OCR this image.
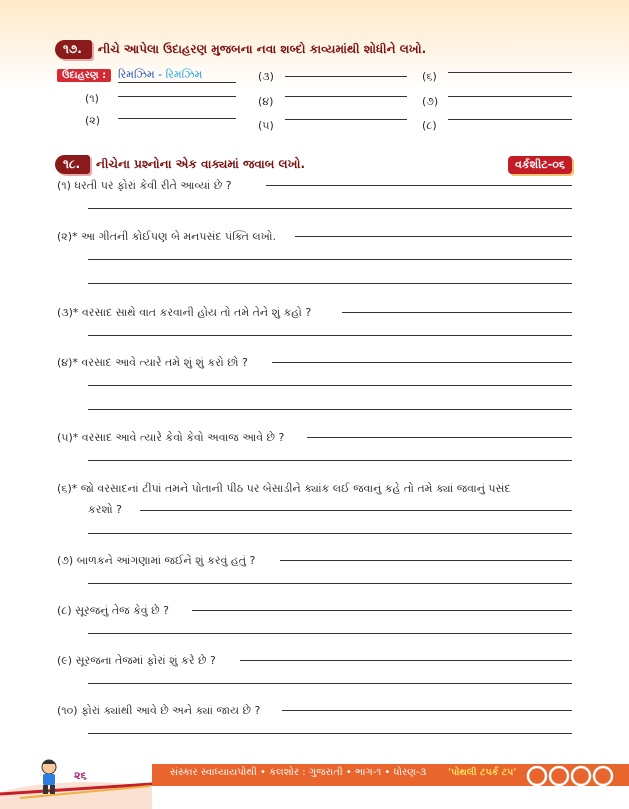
૧૭.	નીચે આપેલા ઉદાહરણ મુજબના નવા શબ્દો કાવ્યમાંથી શોધીને લખો.
ઉદાહરણ :	રિમઝિમ - રિમઝિમ
(૧)
(૨)
(૩)
(૪)
(૫)
(૬)
(૭)
(૮)
૧૮.	નીચેના પ્રશ્નોના એક વાક્યમાં જવાબ લખો.	વર્કશીટ-૦૬
(૧) ધરતી પર ફોરાં કેવી રીતે આવ્યાં છે ?
(૨)* આ ગીતની કોઈપણ બે મનપસંદ પંક્તિ લખો.
(૩)* વરસાદ સાથે વાત કરવાની હોય તો તમે તેને શું કહો ?
(૪)* વરસાદ આવે ત્યારે તમે શું શું કરો છો ?
(૫)* વરસાદ આવે ત્યારે કેવો કેવો અવાજ આવે છે ?
(૬)* જો વરસાદનાં ટીપાં તમને પોતાની પીઠ પર બેસાડીને ક્યાંક લઈ જવાનું કહે તો તમે ક્યાં જવાનું પસંદ
કરશો ?
(૭) બાળકને આંગણામાં જઈને શું કરવું હતું ?
(૮) સૂરજનું તેજ કેવું છે ?
(૯) સૂરજના તેજમાં ફોરાં શું કરે છે ?
(૧૦) ફોરાં ક્યાંથી આવે છે અને ક્યાં જાય છે ?
૨૬	સંસ્કાર સ્વાધ્યાયપોથી • કલશોર : ગુજરાતી • ભાગ-૧ • ધોરણ-૩ 'પોથલી ટપર્ક ટપ'
